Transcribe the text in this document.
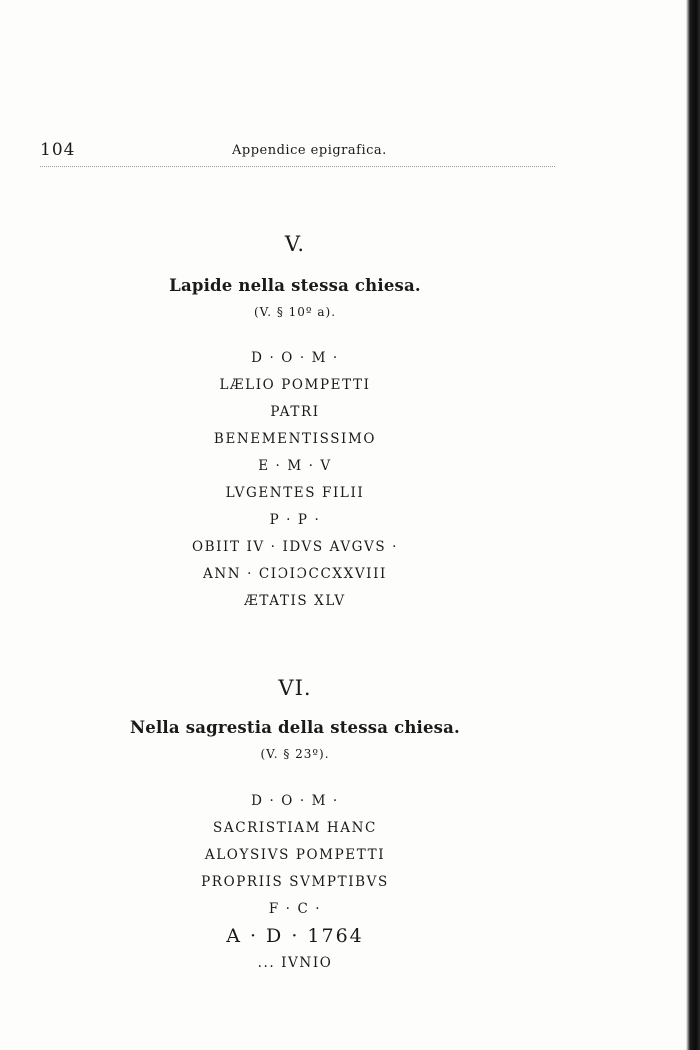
104	Appendice epigrafica.
V.
Lapide nella stessa chiesa.
(V. § 10º a).
D · O · M ·
LÆLIO POMPETTI
PATRI
BENEMENTISSIMO
E · M · V
LVGENTES FILII
P · P ·
OBIIT IV · IDVS AVGVS ·
ANN · CIƆIƆCCXXVIII
ÆTATIS XLV
VI.
Nella sagrestia della stessa chiesa.
(V. § 23º).
D · O · M ·
SACRISTIAM HANC
ALOYSIVS POMPETTI
PROPRIIS SVMPTIBVS
F · C ·
A · D · 1764
... IVNIO
